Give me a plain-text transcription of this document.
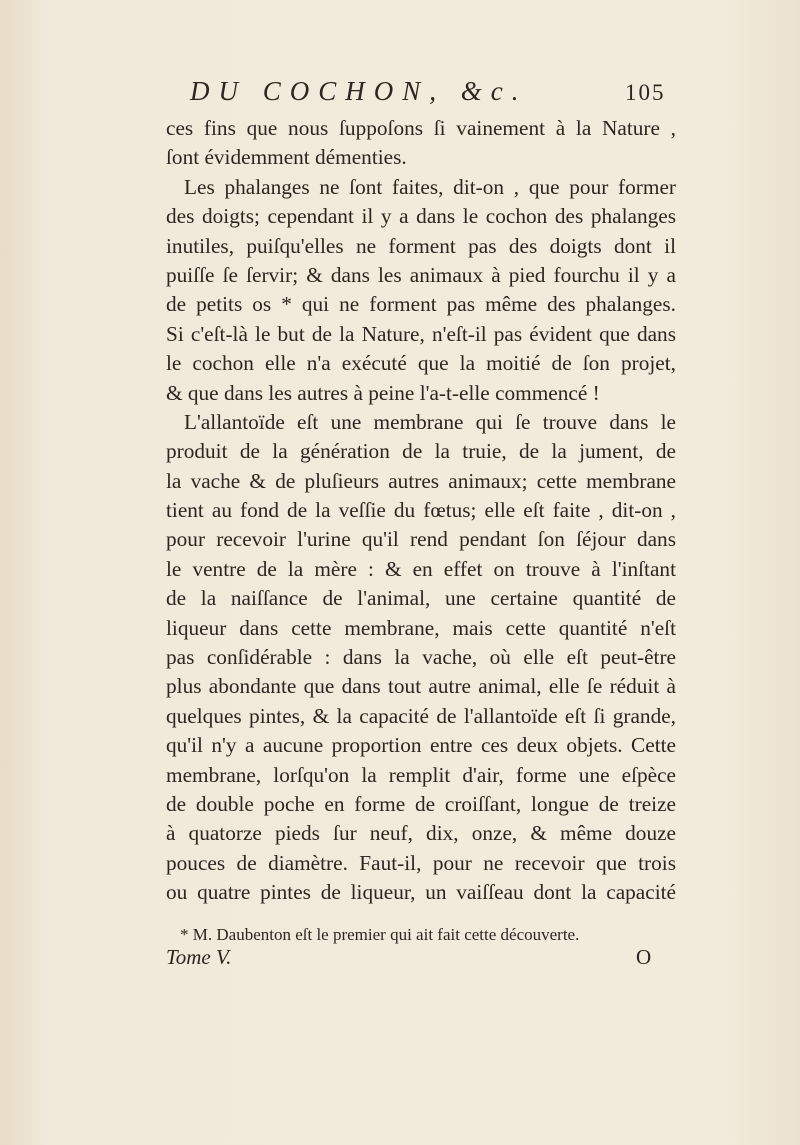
DU COCHON, &c.	105
ces fins que nous ſuppoſons ſi vainement à la Nature ,
ſont évidemment démenties.
Les phalanges ne ſont faites, dit-on , que pour former
des doigts; cependant il y a dans le cochon des phalanges
inutiles, puiſqu'elles ne forment pas des doigts dont il
puiſſe ſe ſervir; & dans les animaux à pied fourchu il y a
de petits os * qui ne forment pas même des phalanges.
Si c'eſt-là le but de la Nature, n'eſt-il pas évident que dans
le cochon elle n'a exécuté que la moitié de ſon projet,
& que dans les autres à peine l'a-t-elle commencé !
L'allantoïde eſt une membrane qui ſe trouve dans le
produit de la génération de la truie, de la jument, de
la vache & de pluſieurs autres animaux; cette membrane
tient au fond de la veſſie du fœtus; elle eſt faite , dit-on ,
pour recevoir l'urine qu'il rend pendant ſon ſéjour dans
le ventre de la mère : & en effet on trouve à l'inſtant
de la naiſſance de l'animal, une certaine quantité de
liqueur dans cette membrane, mais cette quantité n'eſt
pas conſidérable : dans la vache, où elle eſt peut-être
plus abondante que dans tout autre animal, elle ſe réduit à
quelques pintes, & la capacité de l'allantoïde eſt ſi grande,
qu'il n'y a aucune proportion entre ces deux objets. Cette
membrane, lorſqu'on la remplit d'air, forme une eſpèce
de double poche en forme de croiſſant, longue de treize
à quatorze pieds ſur neuf, dix, onze, & même douze
pouces de diamètre. Faut-il, pour ne recevoir que trois
ou quatre pintes de liqueur, un vaiſſeau dont la capacité
* M. Daubenton eſt le premier qui ait fait cette découverte.
Tome V.	O
